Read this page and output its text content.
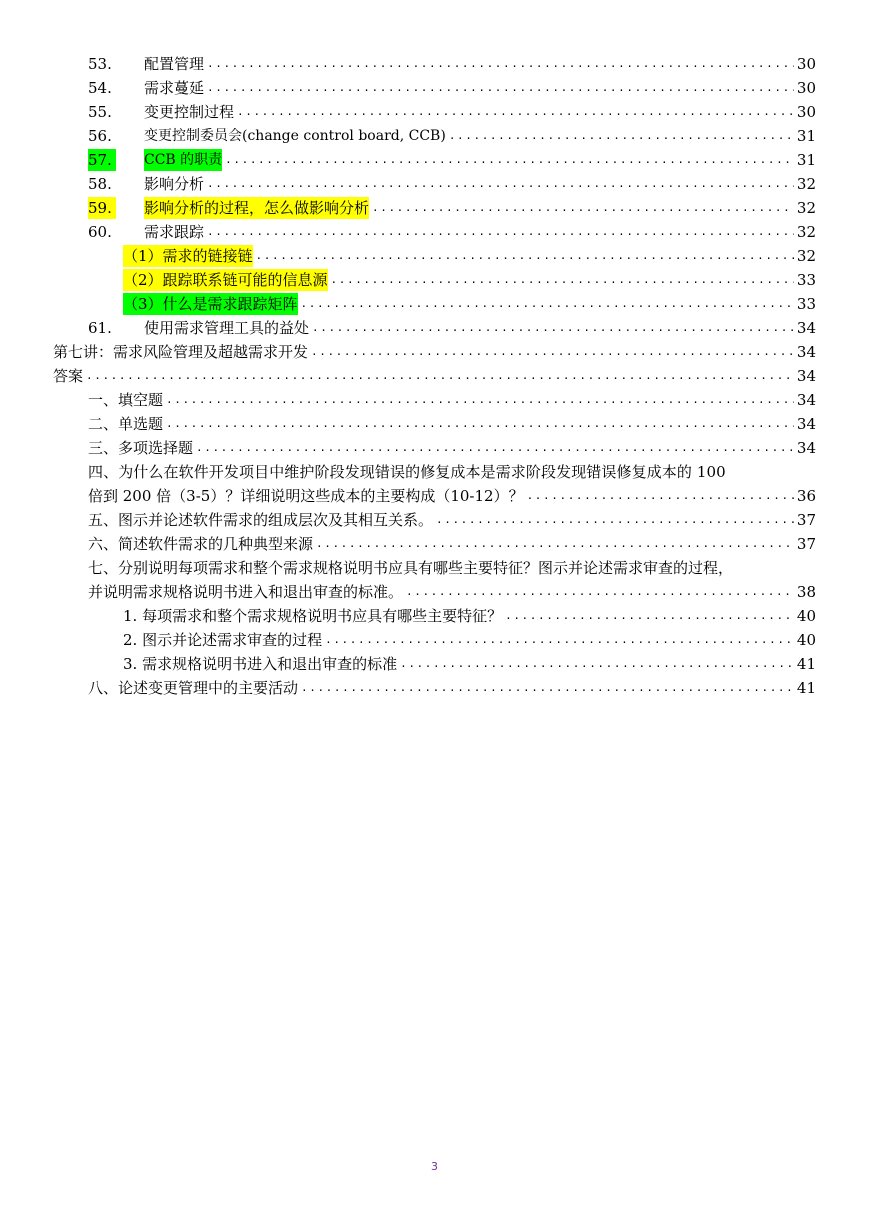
53.	配置管理 .....	30
54.	需求蔓延 .....	30
55.	变更控制过程 .....	30
56.	变更控制委员会(change control board, CCB) .....	31
57. CCB 的职责 .....	31
58.	影响分析 .....	32
59. 影响分析的过程，怎么做影响分析 .....	32
60.	需求跟踪 .....	32
（1）需求的链接链 .....	32
（2）跟踪联系链可能的信息源 .....	33
（3）什么是需求跟踪矩阵 .....	33
61.	使用需求管理工具的益处 .....	34
第七讲：需求风险管理及超越需求开发 .....	34
答案 .....	34
一、填空题 .....	34
二、单选题 .....	34
三、多项选择题 .....	34
四、为什么在软件开发项目中维护阶段发现错误的修复成本是需求阶段发现错误修复成本的 100
倍到 200 倍（3-5）？详细说明这些成本的主要构成（10-12）？ .....	36
五、图示并论述软件需求的组成层次及其相互关系。 .....	37
六、简述软件需求的几种典型来源 .....	37
七、分别说明每项需求和整个需求规格说明书应具有哪些主要特征？图示并论述需求审查的过程，
并说明需求规格说明书进入和退出审查的标准。 .....	38
1. 每项需求和整个需求规格说明书应具有哪些主要特征？ .....	40
2. 图示并论述需求审查的过程 .....	40
3. 需求规格说明书进入和退出审查的标准 .....	41
八、论述变更管理中的主要活动 .....	41
3
